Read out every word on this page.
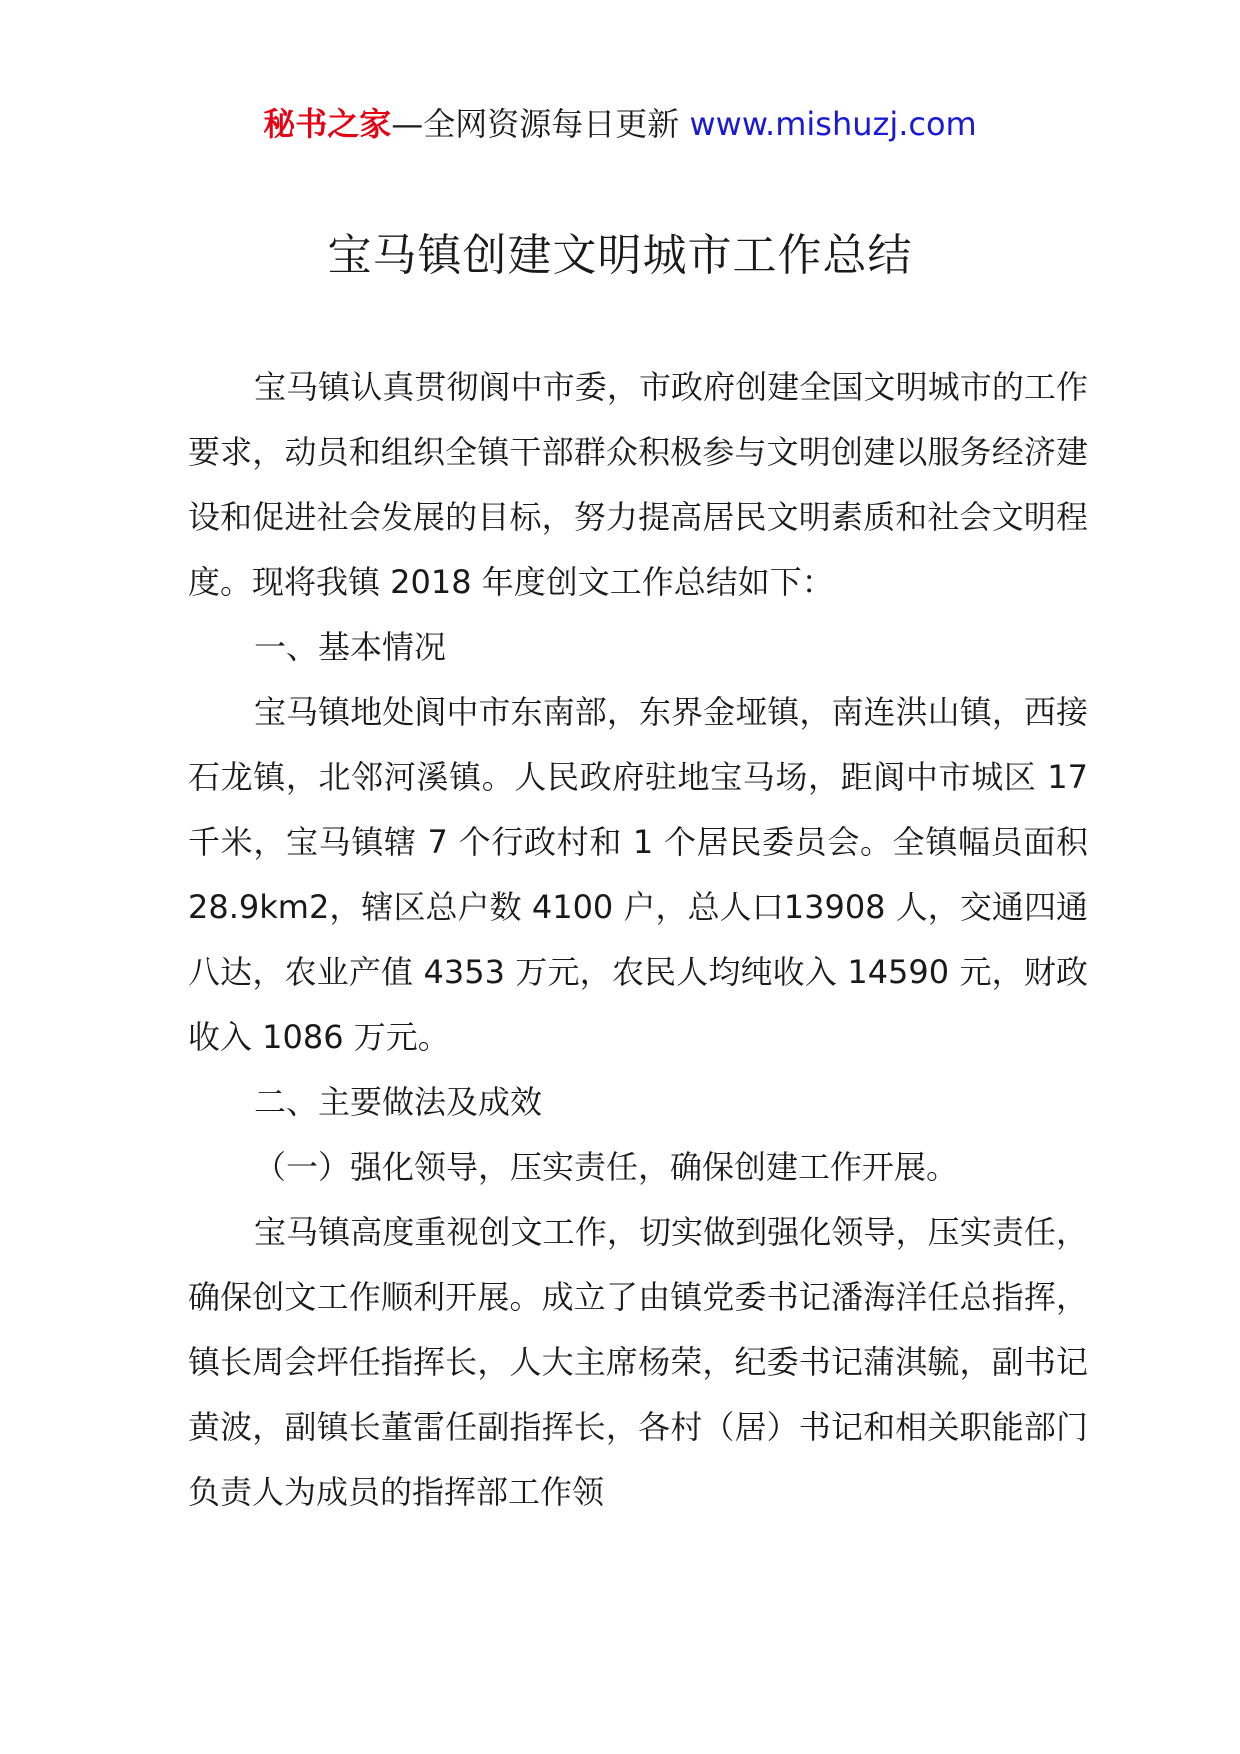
秘书之家—全网资源每日更新 www.mishuzj.com
宝马镇创建文明城市工作总结

宝马镇认真贯彻阆中市委，市政府创建全国文明城市的工作要求，动员和组织全镇干部群众积极参与文明创建以服务经济建设和促进社会发展的目标，努力提高居民文明素质和社会文明程度。现将我镇 2018 年度创文工作总结如下：

一、基本情况

宝马镇地处阆中市东南部，东界金垭镇，南连洪山镇，西接石龙镇，北邻河溪镇。人民政府驻地宝马场，距阆中市城区 17 千米，宝马镇辖 7 个行政村和 1 个居民委员会。全镇幅员面积 28.9km2，辖区总户数 4100 户，总人口13908 人，交通四通八达，农业产值 4353 万元，农民人均纯收入 14590 元，财政收入 1086 万元。

二、主要做法及成效

（一）强化领导，压实责任，确保创建工作开展。

宝马镇高度重视创文工作，切实做到强化领导，压实责任，确保创文工作顺利开展。成立了由镇党委书记潘海洋任总指挥，镇长周会坪任指挥长，人大主席杨荣，纪委书记蒲淇毓，副书记黄波，副镇长董雷任副指挥长，各村（居）书记和相关职能部门负责人为成员的指挥部工作领
